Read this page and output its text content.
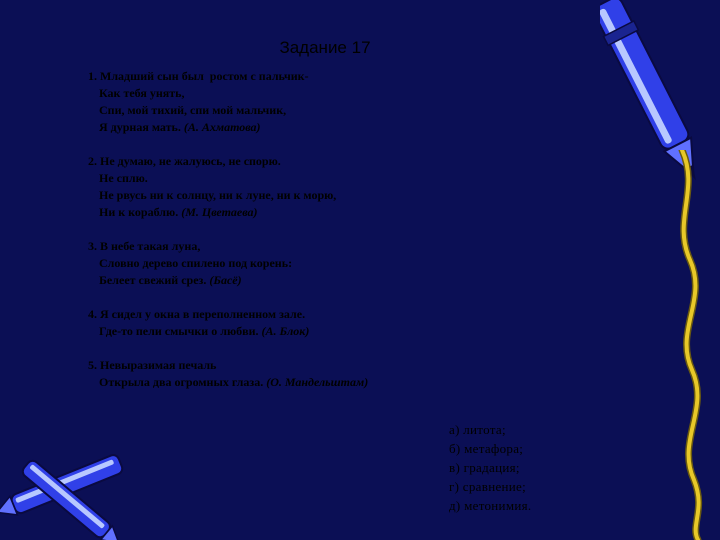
Задание 17
1. Младший сын был  ростом с пальчик-
Как тебя унять,
Спи, мой тихий, спи мой мальчик,
Я дурная мать. (А. Ахматова)
2. Не думаю, не жалуюсь, не спорю.
Не сплю.
Не рвусь ни к солнцу, ни к луне, ни к морю,
Ни к кораблю. (М. Цветаева)
3. В небе такая луна,
Словно дерево спилено под корень:
Белеет свежий срез. (Басё)
4. Я сидел у окна в переполненном зале.
Где-то пели смычки о любви. (А. Блок)
5. Невыразимая печаль
Открыла два огромных глаза. (О. Мандельштам)
а) литота;
б) метафора;
в) градация;
г) сравнение;
д) метонимия.
